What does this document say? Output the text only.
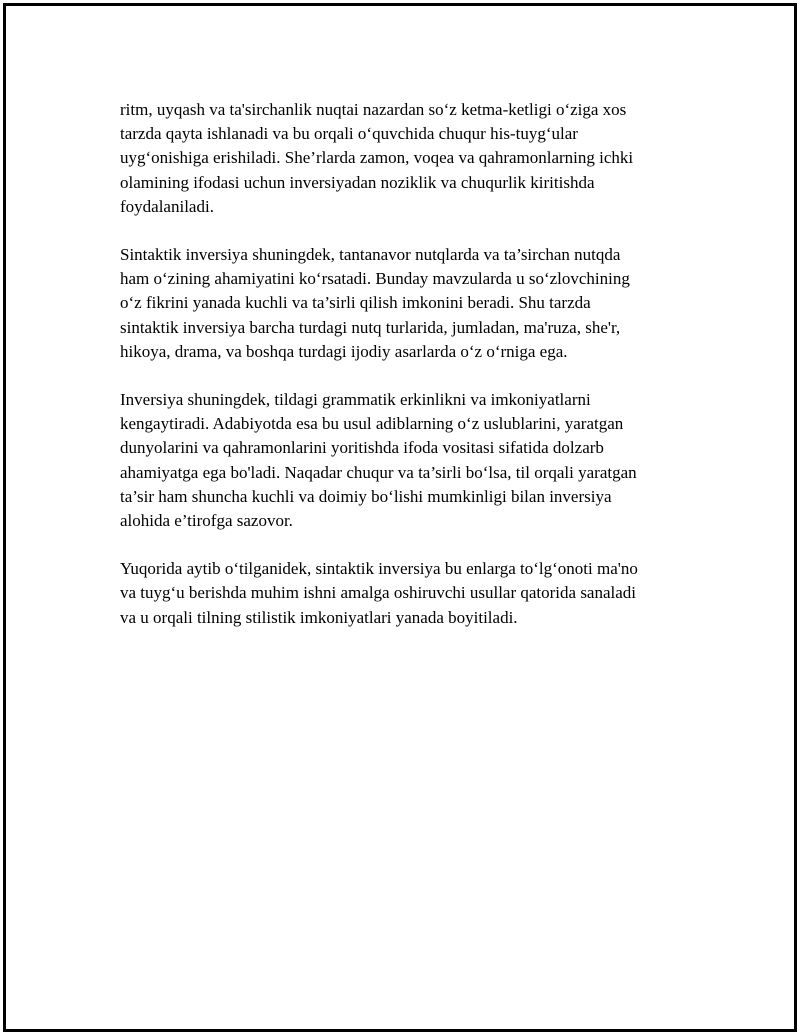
ritm, uyqash va ta'sirchanlik nuqtai nazardan so‘z ketma-ketligi o‘ziga xos
tarzda qayta ishlanadi va bu orqali o‘quvchida chuqur his-tuyg‘ular
uyg‘onishiga erishiladi. She’rlarda zamon, voqea va qahramonlarning ichki
olamining ifodasi uchun inversiyadan noziklik va chuqurlik kiritishda
foydalaniladi.

Sintaktik inversiya shuningdek, tantanavor nutqlarda va ta’sirchan nutqda
ham o‘zining ahamiyatini ko‘rsatadi. Bunday mavzularda u so‘zlovchining
o‘z fikrini yanada kuchli va ta’sirli qilish imkonini beradi. Shu tarzda
sintaktik inversiya barcha turdagi nutq turlarida, jumladan, ma'ruza, she'r,
hikoya, drama, va boshqa turdagi ijodiy asarlarda o‘z o‘rniga ega.

Inversiya shuningdek, tildagi grammatik erkinlikni va imkoniyatlarni
kengaytiradi. Adabiyotda esa bu usul adiblarning o‘z uslublarini, yaratgan
dunyolarini va qahramonlarini yoritishda ifoda vositasi sifatida dolzarb
ahamiyatga ega bo'ladi. Naqadar chuqur va ta’sirli bo‘lsa, til orqali yaratgan
ta’sir ham shuncha kuchli va doimiy bo‘lishi mumkinligi bilan inversiya
alohida e’tirofga sazovor.

Yuqorida aytib o‘tilganidek, sintaktik inversiya bu enlarga to‘lg‘onoti ma'no
va tuyg‘u berishda muhim ishni amalga oshiruvchi usullar qatorida sanaladi
va u orqali tilning stilistik imkoniyatlari yanada boyitiladi.
